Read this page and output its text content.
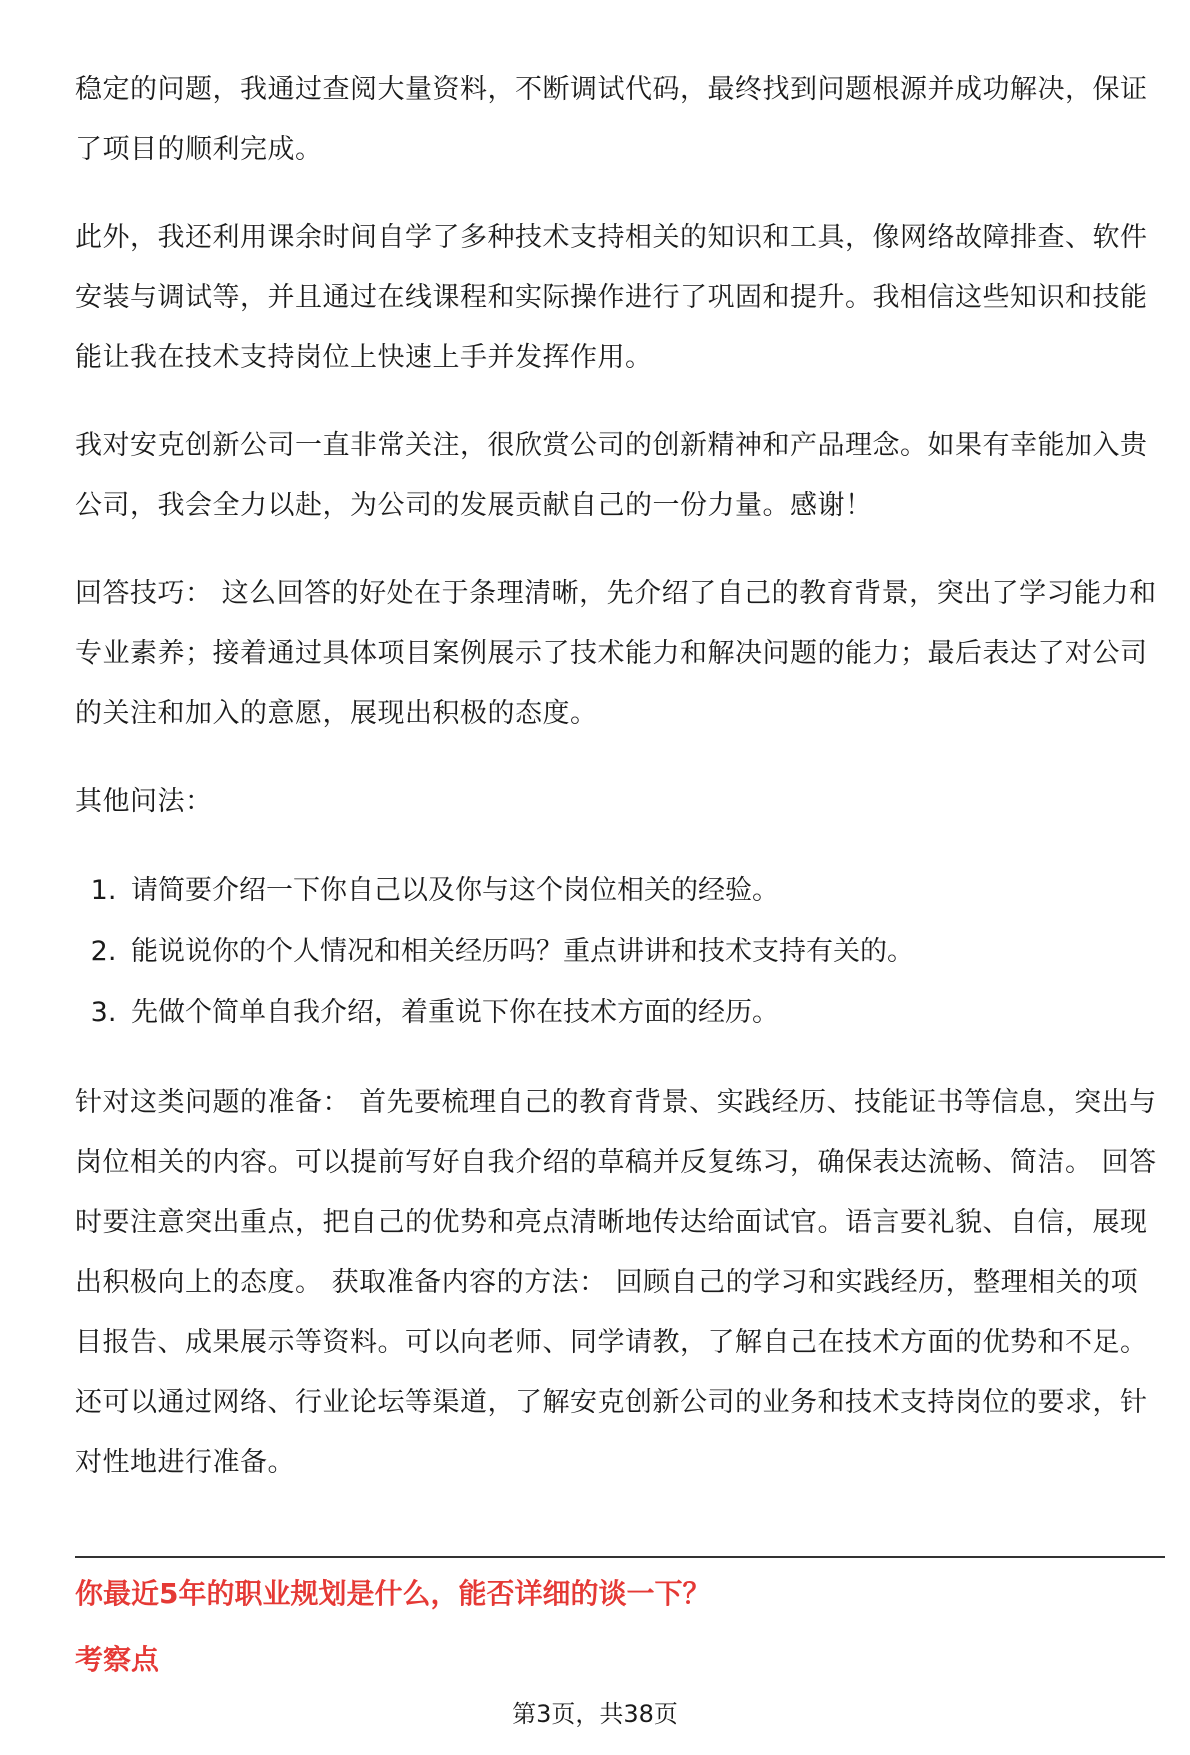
稳定的问题，我通过查阅大量资料，不断调试代码，最终找到问题根源并成功解决，保证了项目的顺利完成。

此外，我还利用课余时间自学了多种技术支持相关的知识和工具，像网络故障排查、软件安装与调试等，并且通过在线课程和实际操作进行了巩固和提升。我相信这些知识和技能能让我在技术支持岗位上快速上手并发挥作用。

我对安克创新公司一直非常关注，很欣赏公司的创新精神和产品理念。如果有幸能加入贵公司，我会全力以赴，为公司的发展贡献自己的一份力量。感谢！

回答技巧： 这么回答的好处在于条理清晰，先介绍了自己的教育背景，突出了学习能力和专业素养；接着通过具体项目案例展示了技术能力和解决问题的能力；最后表达了对公司的关注和加入的意愿，展现出积极的态度。

其他问法：

1. 请简要介绍一下你自己以及你与这个岗位相关的经验。
2. 能说说你的个人情况和相关经历吗？重点讲讲和技术支持有关的。
3. 先做个简单自我介绍，着重说下你在技术方面的经历。

针对这类问题的准备： 首先要梳理自己的教育背景、实践经历、技能证书等信息，突出与岗位相关的内容。可以提前写好自我介绍的草稿并反复练习，确保表达流畅、简洁。 回答时要注意突出重点，把自己的优势和亮点清晰地传达给面试官。语言要礼貌、自信，展现出积极向上的态度。 获取准备内容的方法： 回顾自己的学习和实践经历，整理相关的项目报告、成果展示等资料。可以向老师、同学请教，了解自己在技术方面的优势和不足。还可以通过网络、行业论坛等渠道，了解安克创新公司的业务和技术支持岗位的要求，针对性地进行准备。

你最近5年的职业规划是什么，能否详细的谈一下？
考察点
第3页，共38页
